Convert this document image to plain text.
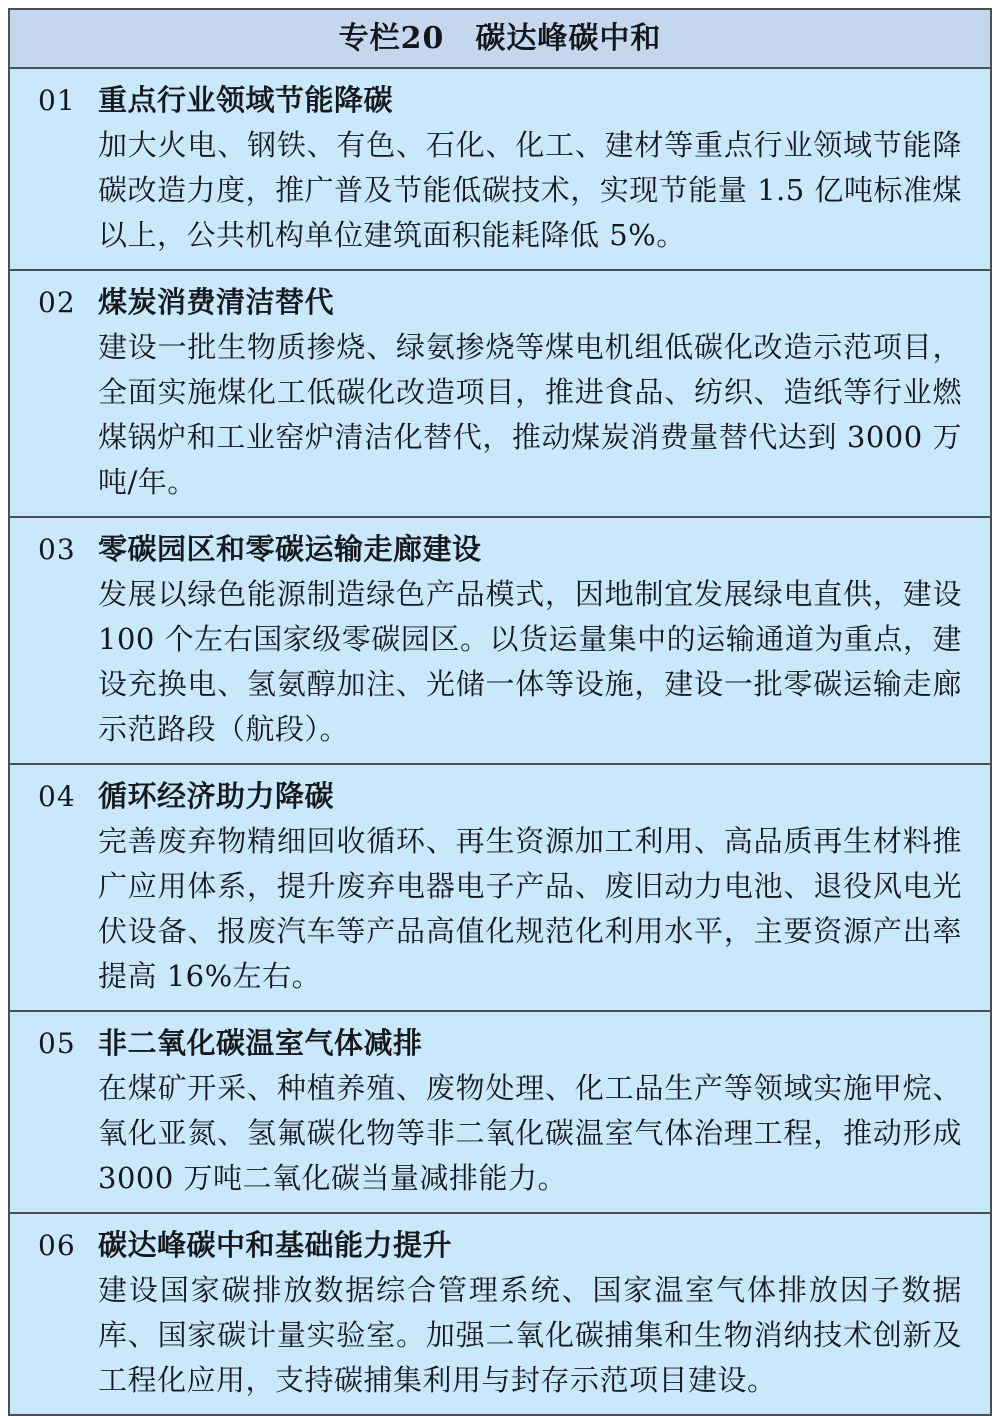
专栏20　碳达峰碳中和
01 重点行业领域节能降碳
加大火电、钢铁、有色、石化、化工、建材等重点行业领域节能降碳改造力度，推广普及节能低碳技术，实现节能量 1.5 亿吨标准煤以上，公共机构单位建筑面积能耗降低 5%。
02 煤炭消费清洁替代
建设一批生物质掺烧、绿氨掺烧等煤电机组低碳化改造示范项目，全面实施煤化工低碳化改造项目，推进食品、纺织、造纸等行业燃煤锅炉和工业窑炉清洁化替代，推动煤炭消费量替代达到 3000 万吨/年。
03 零碳园区和零碳运输走廊建设
发展以绿色能源制造绿色产品模式，因地制宜发展绿电直供，建设 100 个左右国家级零碳园区。以货运量集中的运输通道为重点，建设充换电、氢氨醇加注、光储一体等设施，建设一批零碳运输走廊示范路段（航段）。
04 循环经济助力降碳
完善废弃物精细回收循环、再生资源加工利用、高品质再生材料推广应用体系，提升废弃电器电子产品、废旧动力电池、退役风电光伏设备、报废汽车等产品高值化规范化利用水平，主要资源产出率提高 16%左右。
05 非二氧化碳温室气体减排
在煤矿开采、种植养殖、废物处理、化工品生产等领域实施甲烷、氧化亚氮、氢氟碳化物等非二氧化碳温室气体治理工程，推动形成 3000 万吨二氧化碳当量减排能力。
06 碳达峰碳中和基础能力提升
建设国家碳排放数据综合管理系统、国家温室气体排放因子数据库、国家碳计量实验室。加强二氧化碳捕集和生物消纳技术创新及工程化应用，支持碳捕集利用与封存示范项目建设。
